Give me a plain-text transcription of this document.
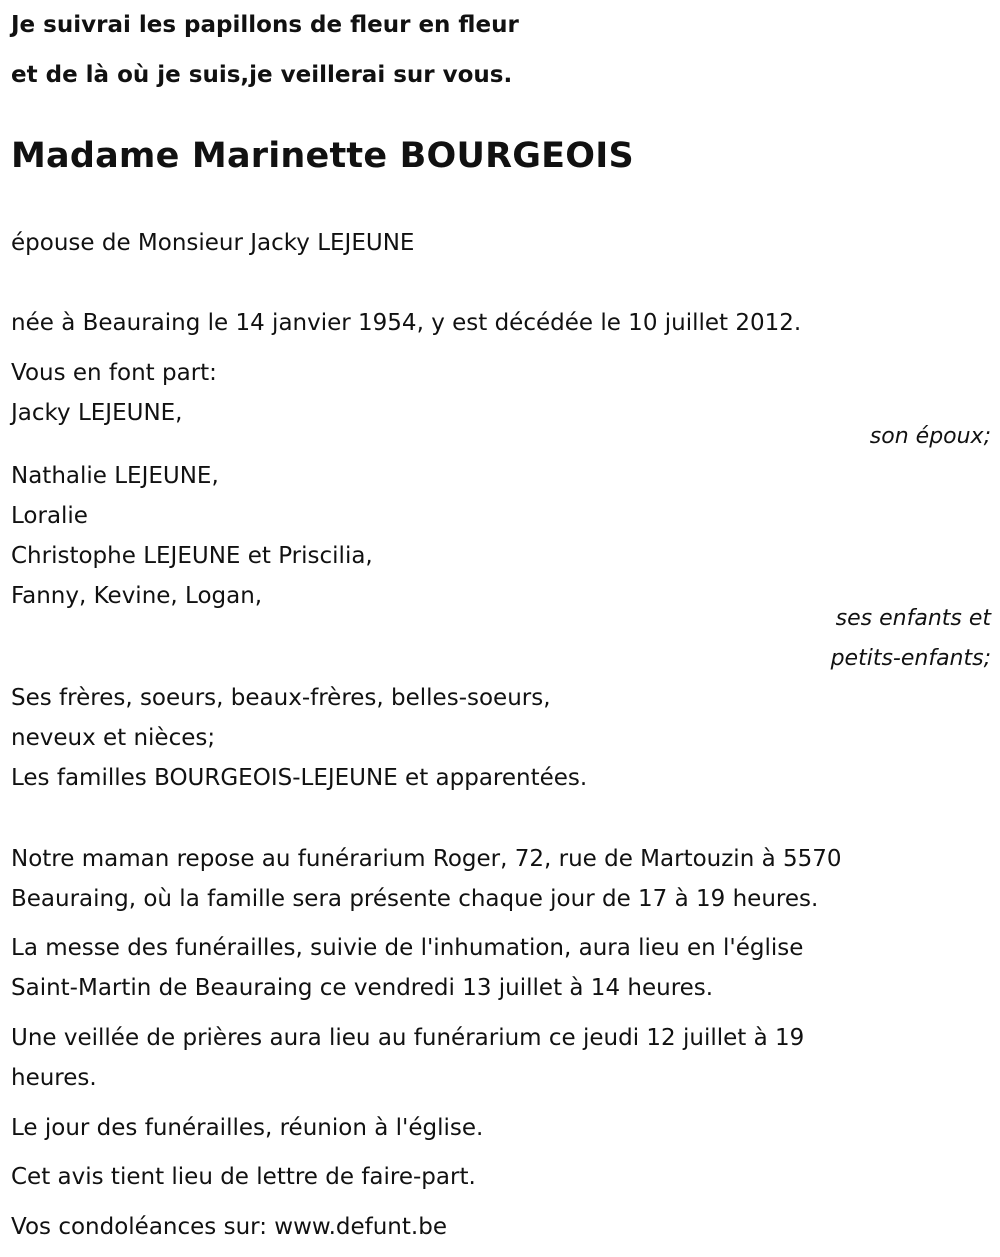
Je suivrai les papillons de fleur en fleur

et de là où je suis,je veillerai sur vous.

Madame Marinette BOURGEOIS

épouse de Monsieur Jacky LEJEUNE

née à Beauraing le 14 janvier 1954, y est décédée le 10 juillet 2012.

Vous en font part:

Jacky LEJEUNE,

son époux;

Nathalie LEJEUNE,

Loralie

Christophe LEJEUNE et Priscilia,

Fanny, Kevine, Logan,

ses enfants et
petits-enfants;

Ses frères, soeurs, beaux-frères, belles-soeurs,

neveux et nièces;

Les familles BOURGEOIS-LEJEUNE et apparentées.

Notre maman repose au funérarium Roger, 72, rue de Martouzin à 5570

Beauraing, où la famille sera présente chaque jour de 17 à 19 heures.

La messe des funérailles, suivie de l'inhumation, aura lieu en l'église

Saint-Martin de Beauraing ce vendredi 13 juillet à 14 heures.

Une veillée de prières aura lieu au funérarium ce jeudi 12 juillet à 19

heures.

Le jour des funérailles, réunion à l'église.

Cet avis tient lieu de lettre de faire-part.

Vos condoléances sur: www.defunt.be
